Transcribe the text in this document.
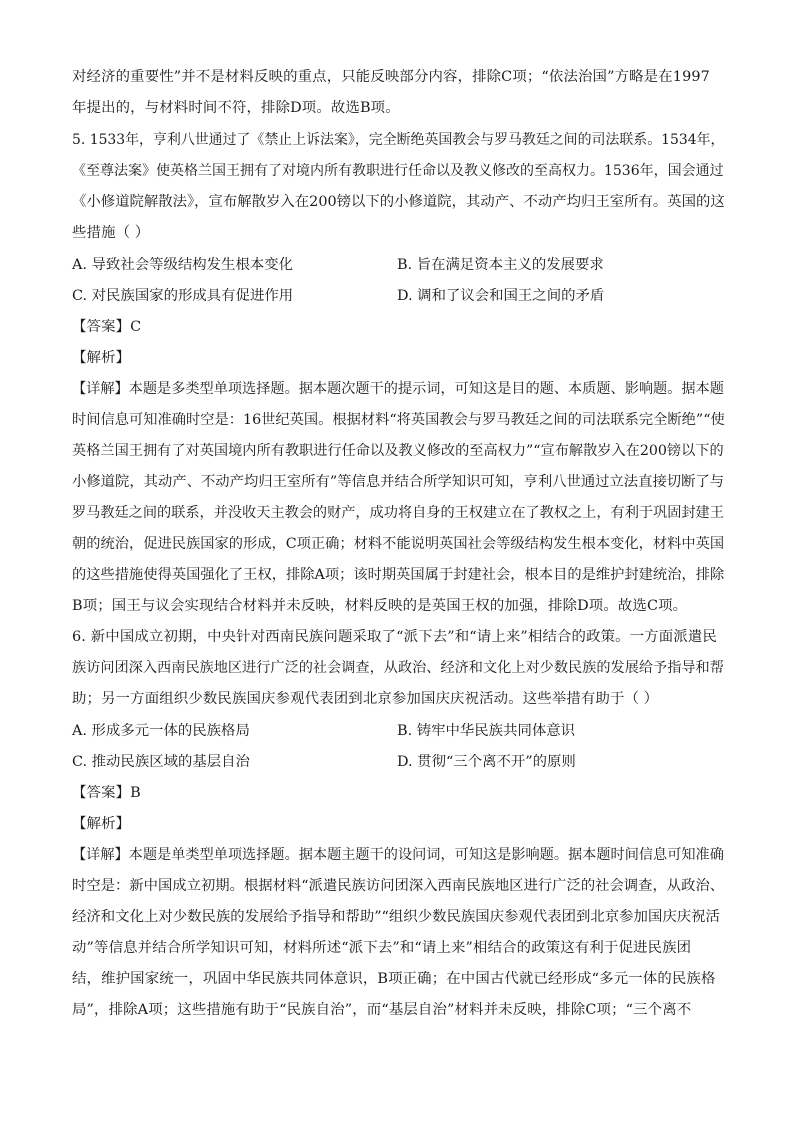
对经济的重要性”并不是材料反映的重点，只能反映部分内容，排除C项；“依法治国”方略是在1997
年提出的，与材料时间不符，排除D项。故选B项。
5. 1533年，亨利八世通过了《禁止上诉法案》，完全断绝英国教会与罗马教廷之间的司法联系。1534年，
《至尊法案》使英格兰国王拥有了对境内所有教职进行任命以及教义修改的至高权力。1536年，国会通过
《小修道院解散法》，宣布解散岁入在200镑以下的小修道院，其动产、不动产均归王室所有。英国的这
些措施（ ）
A. 导致社会等级结构发生根本变化	B. 旨在满足资本主义的发展要求
C. 对民族国家的形成具有促进作用	D. 调和了议会和国王之间的矛盾
【答案】C
【解析】
【详解】本题是多类型单项选择题。据本题次题干的提示词，可知这是目的题、本质题、影响题。据本题
时间信息可知准确时空是：16世纪英国。根据材料“将英国教会与罗马教廷之间的司法联系完全断绝”“使
英格兰国王拥有了对英国境内所有教职进行任命以及教义修改的至高权力”“宣布解散岁入在200镑以下的
小修道院，其动产、不动产均归王室所有”等信息并结合所学知识可知，亨利八世通过立法直接切断了与
罗马教廷之间的联系，并没收天主教会的财产，成功将自身的王权建立在了教权之上，有利于巩固封建王
朝的统治，促进民族国家的形成，C项正确；材料不能说明英国社会等级结构发生根本变化，材料中英国
的这些措施使得英国强化了王权，排除A项；该时期英国属于封建社会，根本目的是维护封建统治，排除
B项；国王与议会实现结合材料并未反映，材料反映的是英国王权的加强，排除D项。故选C项。
6. 新中国成立初期，中央针对西南民族问题采取了“派下去”和“请上来”相结合的政策。一方面派遣民
族访问团深入西南民族地区进行广泛的社会调查，从政治、经济和文化上对少数民族的发展给予指导和帮
助；另一方面组织少数民族国庆参观代表团到北京参加国庆庆祝活动。这些举措有助于（ ）
A. 形成多元一体的民族格局	B. 铸牢中华民族共同体意识
C. 推动民族区域的基层自治	D. 贯彻“三个离不开”的原则
【答案】B
【解析】
【详解】本题是单类型单项选择题。据本题主题干的设问词，可知这是影响题。据本题时间信息可知准确
时空是：新中国成立初期。根据材料“派遣民族访问团深入西南民族地区进行广泛的社会调查，从政治、
经济和文化上对少数民族的发展给予指导和帮助”“组织少数民族国庆参观代表团到北京参加国庆庆祝活
动”等信息并结合所学知识可知，材料所述“派下去”和“请上来”相结合的政策这有利于促进民族团
结，维护国家统一，巩固中华民族共同体意识，B项正确；在中国古代就已经形成“多元一体的民族格
局”，排除A项；这些措施有助于“民族自治”，而“基层自治”材料并未反映，排除C项；“三个离不
